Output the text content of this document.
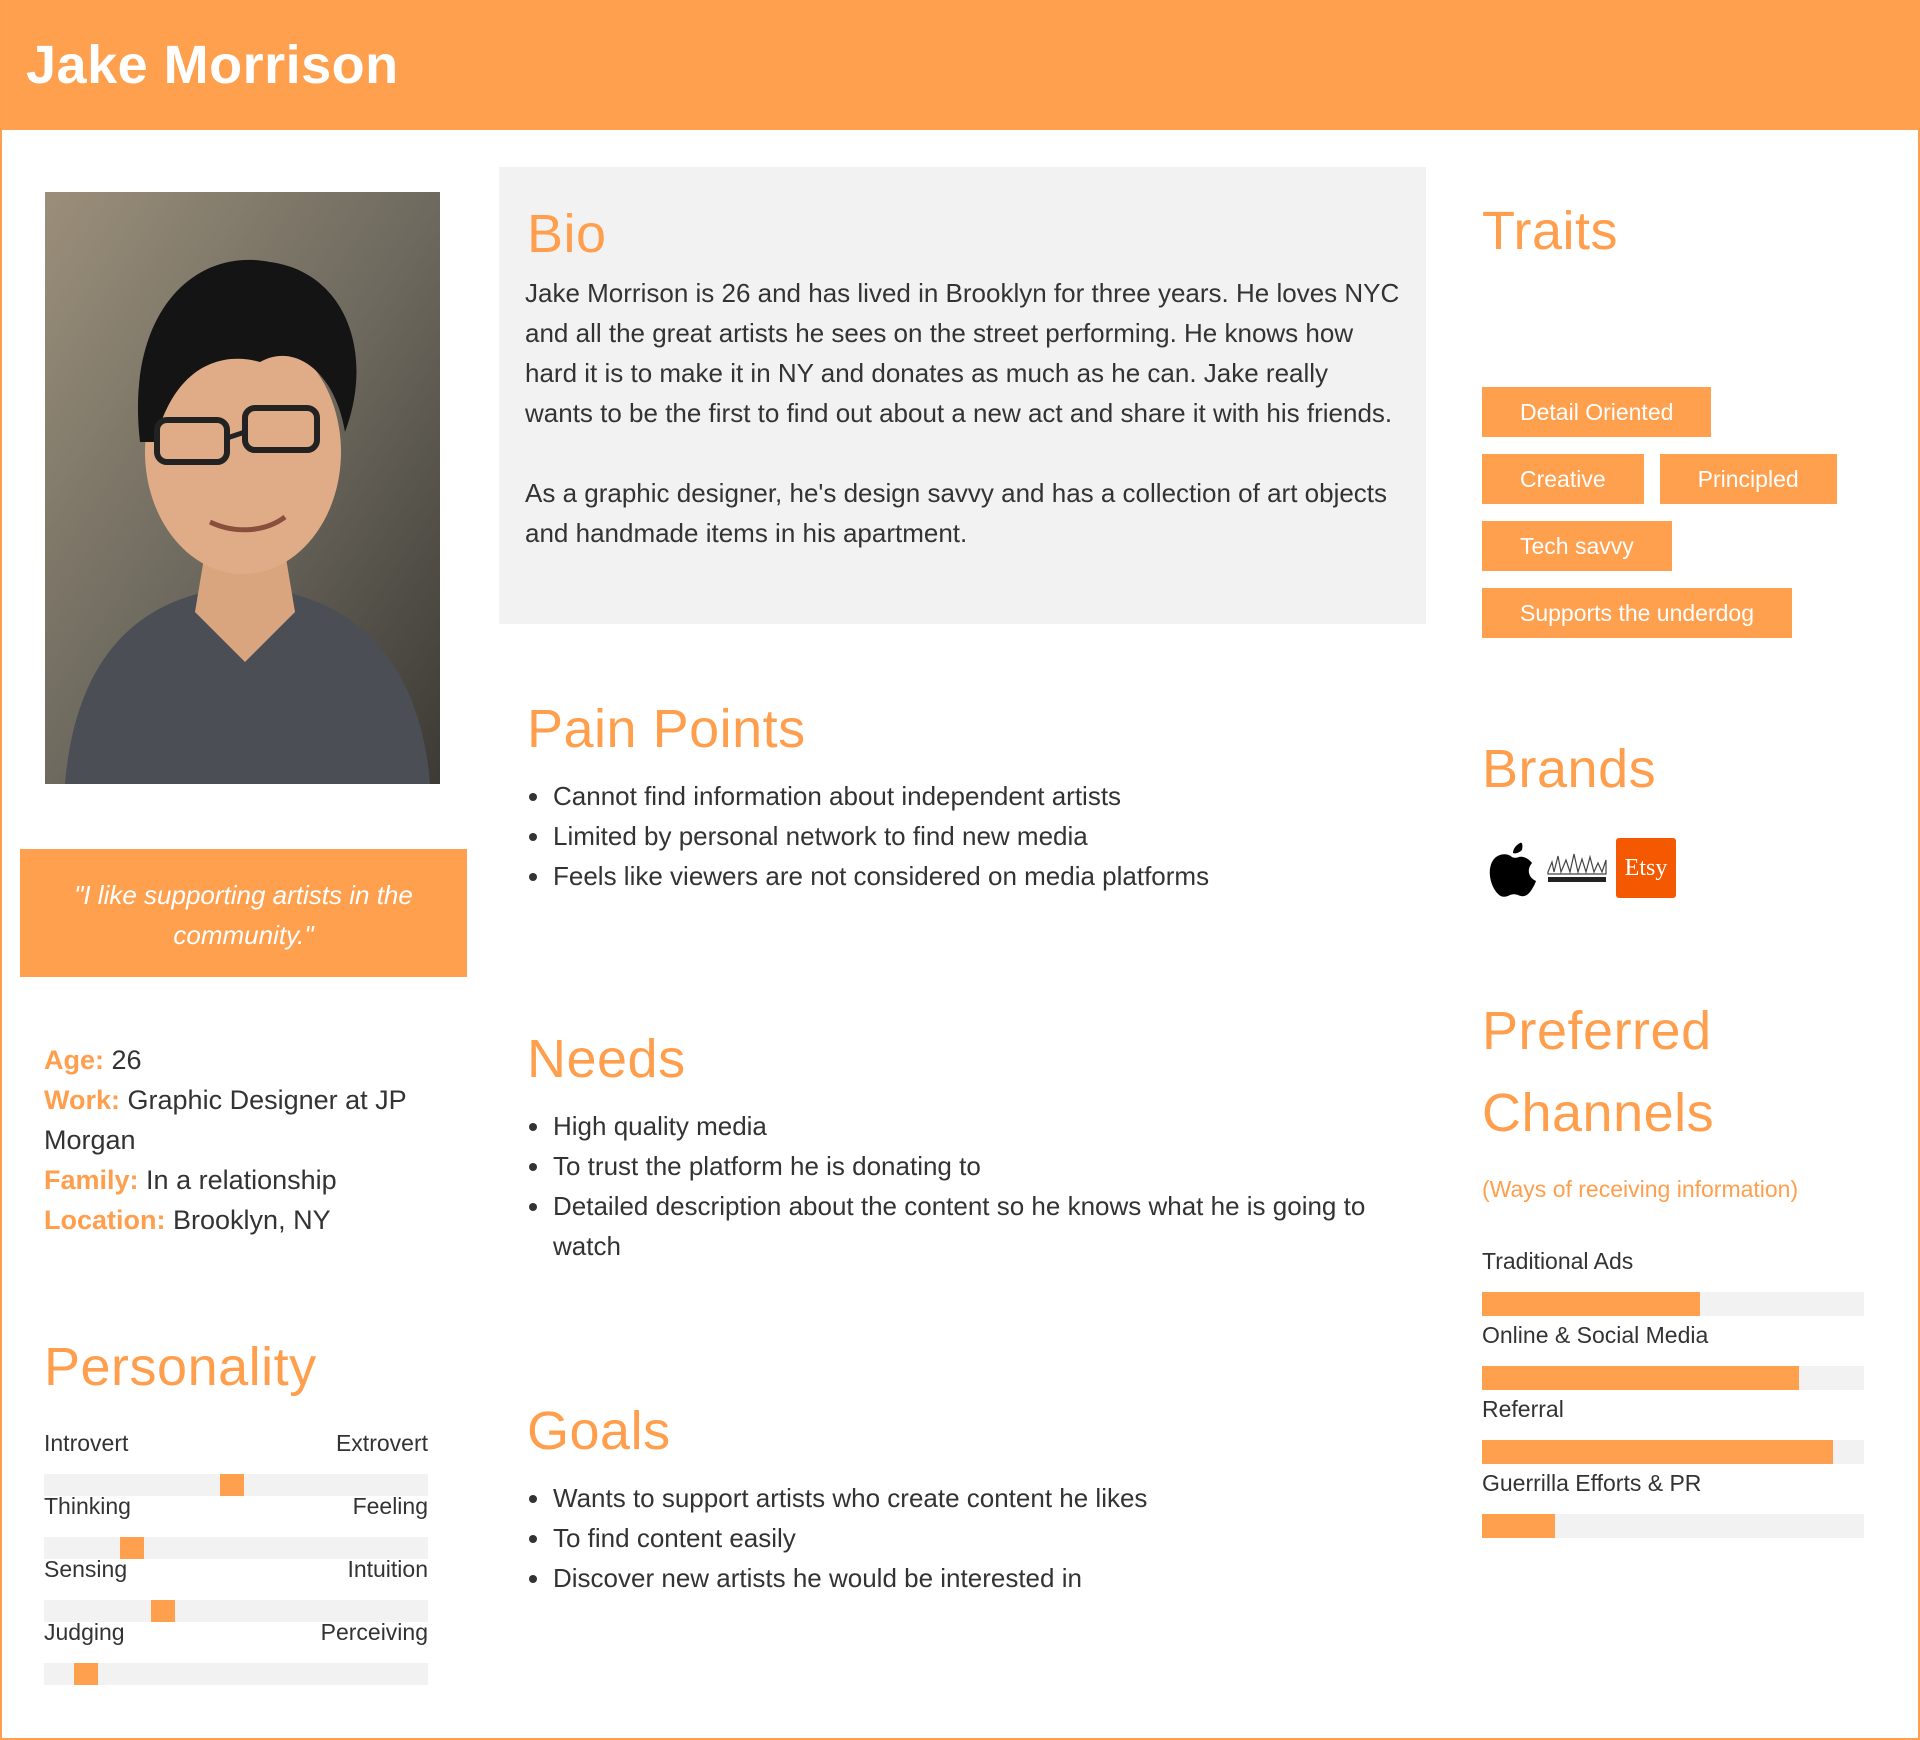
Jake Morrison
"I like supporting artists in the community."
Age: 26
Work: Graphic Designer at JP Morgan
Family: In a relationship
Location: Brooklyn, NY
Personality
Introvert	Extrovert
Thinking	Feeling
Sensing	Intuition
Judging	Perceiving
Bio

Jake Morrison is 26 and has lived in Brooklyn for three years. He loves NYC and all the great artists he sees on the street performing. He knows how hard it is to make it in NY and donates as much as he can. Jake really wants to be the first to find out about a new act and share it with his friends.

As a graphic designer, he's design savvy and has a collection of art objects and handmade items in his apartment.

Pain Points
Cannot find information about independent artists
Limited by personal network to find new media
Feels like viewers are not considered on media platforms
Needs
High quality media
To trust the platform he is donating to
Detailed description about the content so he knows what he is going to watch
Goals
Wants to support artists who create content he likes
To find content easily
Discover new artists he would be interested in
Traits
Detail Oriented
Creative	Principled
Tech savvy
Supports the underdog
Brands
Etsy
Preferred
Channels
(Ways of receiving information)
Traditional Ads
Online & Social Media
Referral
Guerrilla Efforts & PR
